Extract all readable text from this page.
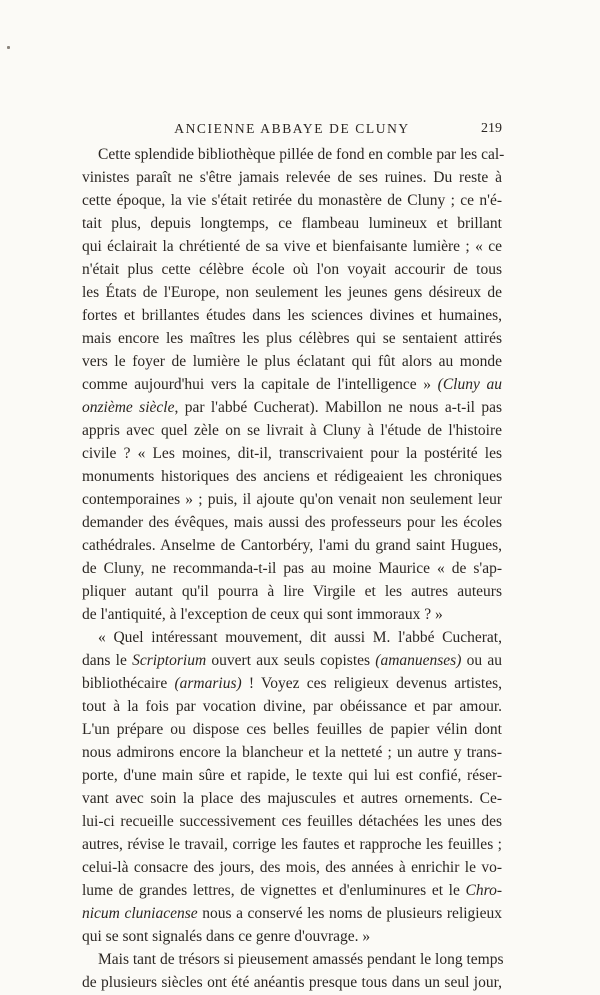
ANCIENNE ABBAYE DE CLUNY	219
Cette splendide bibliothèque pillée de fond en comble par les cal-
vinistes paraît ne s'être jamais relevée de ses ruines. Du reste à
cette époque, la vie s'était retirée du monastère de Cluny ; ce n'é-
tait plus, depuis longtemps, ce flambeau lumineux et brillant
qui éclairait la chrétienté de sa vive et bienfaisante lumière ; « ce
n'était plus cette célèbre école où l'on voyait accourir de tous
les États de l'Europe, non seulement les jeunes gens désireux de
fortes et brillantes études dans les sciences divines et humaines,
mais encore les maîtres les plus célèbres qui se sentaient attirés
vers le foyer de lumière le plus éclatant qui fût alors au monde
comme aujourd'hui vers la capitale de l'intelligence » (Cluny au
onzième siècle, par l'abbé Cucherat). Mabillon ne nous a-t-il pas
appris avec quel zèle on se livrait à Cluny à l'étude de l'histoire
civile ? « Les moines, dit-il, transcrivaient pour la postérité les
monuments historiques des anciens et rédigeaient les chroniques
contemporaines » ; puis, il ajoute qu'on venait non seulement leur
demander des évêques, mais aussi des professeurs pour les écoles
cathédrales. Anselme de Cantorbéry, l'ami du grand saint Hugues,
de Cluny, ne recommanda-t-il pas au moine Maurice « de s'ap-
pliquer autant qu'il pourra à lire Virgile et les autres auteurs
de l'antiquité, à l'exception de ceux qui sont immoraux ? »
« Quel intéressant mouvement, dit aussi M. l'abbé Cucherat,
dans le Scriptorium ouvert aux seuls copistes (amanuenses) ou au
bibliothécaire (armarius) ! Voyez ces religieux devenus artistes,
tout à la fois par vocation divine, par obéissance et par amour.
L'un prépare ou dispose ces belles feuilles de papier vélin dont
nous admirons encore la blancheur et la netteté ; un autre y trans-
porte, d'une main sûre et rapide, le texte qui lui est confié, réser-
vant avec soin la place des majuscules et autres ornements. Ce-
lui-ci recueille successivement ces feuilles détachées les unes des
autres, révise le travail, corrige les fautes et rapproche les feuilles ;
celui-là consacre des jours, des mois, des années à enrichir le vo-
lume de grandes lettres, de vignettes et d'enluminures et le Chro-
nicum cluniacense nous a conservé les noms de plusieurs religieux
qui se sont signalés dans ce genre d'ouvrage. »
Mais tant de trésors si pieusement amassés pendant le long temps
de plusieurs siècles ont été anéantis presque tous dans un seul jour,
